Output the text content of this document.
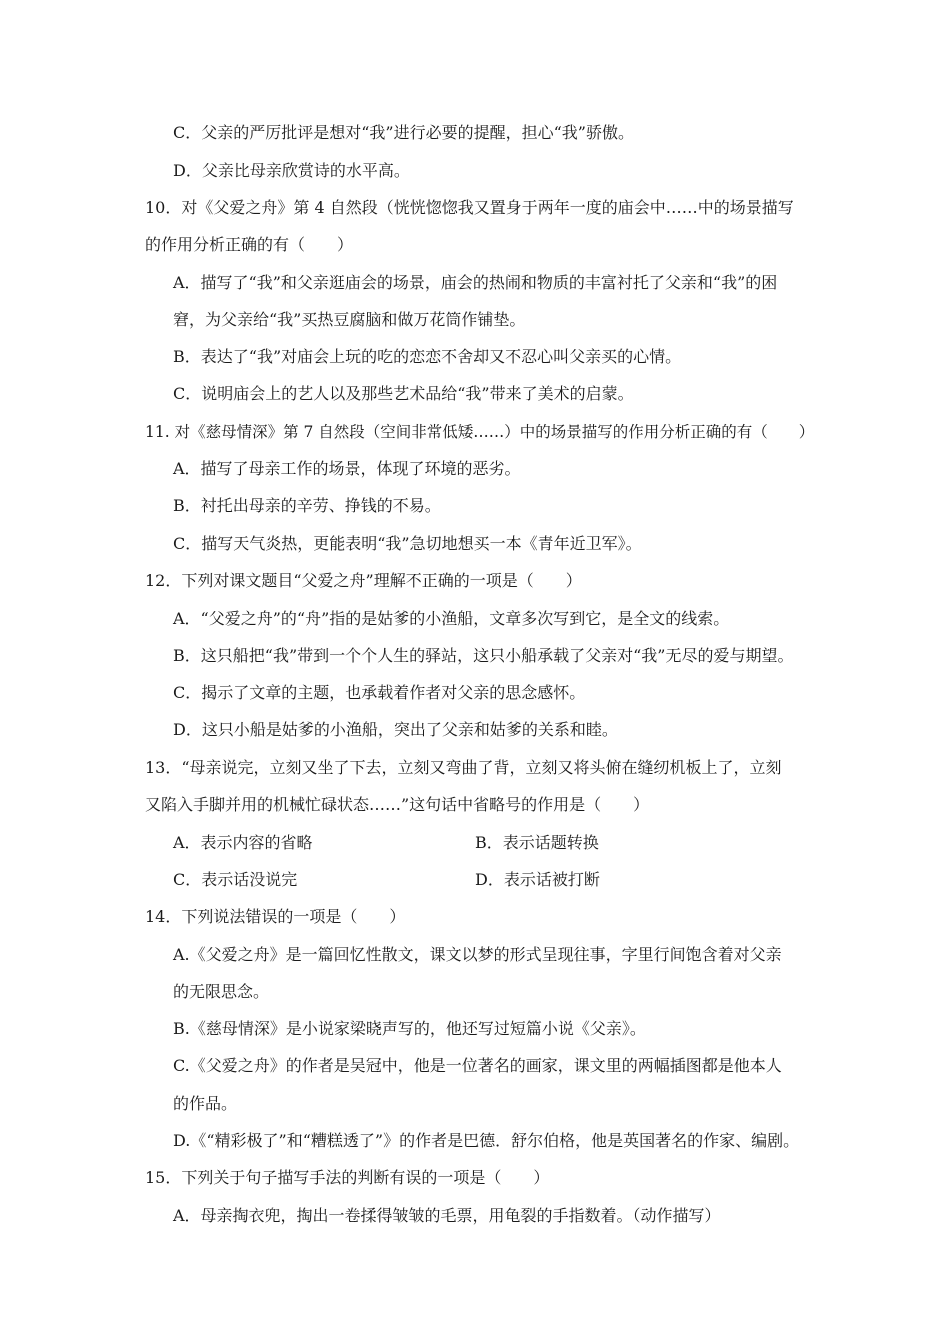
C．父亲的严厉批评是想对“我”进行必要的提醒，担心“我”骄傲。
D．父亲比母亲欣赏诗的水平高。
10．对《父爱之舟》第 4 自然段（恍恍惚惚我又置身于两年一度的庙会中……中的场景描写
的作用分析正确的有（　　）
A．描写了“我”和父亲逛庙会的场景，庙会的热闹和物质的丰富衬托了父亲和“我”的困
窘，为父亲给“我”买热豆腐脑和做万花筒作铺垫。
B．表达了“我”对庙会上玩的吃的恋恋不舍却又不忍心叫父亲买的心情。
C．说明庙会上的艺人以及那些艺术品给“我”带来了美术的启蒙。
11. 对《慈母情深》第 7 自然段（空间非常低矮……）中的场景描写的作用分析正确的有（　　）
A．描写了母亲工作的场景，体现了环境的恶劣。
B．衬托出母亲的辛劳、挣钱的不易。
C．描写天气炎热，更能表明“我”急切地想买一本《青年近卫军》。
12．下列对课文题目“父爱之舟”理解不正确的一项是（　　）
A．“父爱之舟”的“舟”指的是姑爹的小渔船，文章多次写到它，是全文的线索。
B．这只船把“我”带到一个个人生的驿站，这只小船承载了父亲对“我”无尽的爱与期望。
C．揭示了文章的主题，也承载着作者对父亲的思念感怀。
D．这只小船是姑爹的小渔船，突出了父亲和姑爹的关系和睦。
13．“母亲说完，立刻又坐了下去，立刻又弯曲了背，立刻又将头俯在缝纫机板上了，立刻
又陷入手脚并用的机械忙碌状态……”这句话中省略号的作用是（　　）
A．表示内容的省略	B．表示话题转换
C．表示话没说完	D．表示话被打断
14．下列说法错误的一项是（　　）
A.《父爱之舟》是一篇回忆性散文，课文以梦的形式呈现往事，字里行间饱含着对父亲
的无限思念。
B.《慈母情深》是小说家梁晓声写的，他还写过短篇小说《父亲》。
C.《父爱之舟》的作者是吴冠中，他是一位著名的画家，课文里的两幅插图都是他本人
的作品。
D.《“精彩极了”和“糟糕透了”》的作者是巴德．舒尔伯格，他是英国著名的作家、编剧。
15．下列关于句子描写手法的判断有误的一项是（　　）
A．母亲掏衣兜，掏出一卷揉得皱皱的毛票，用龟裂的手指数着。（动作描写）
